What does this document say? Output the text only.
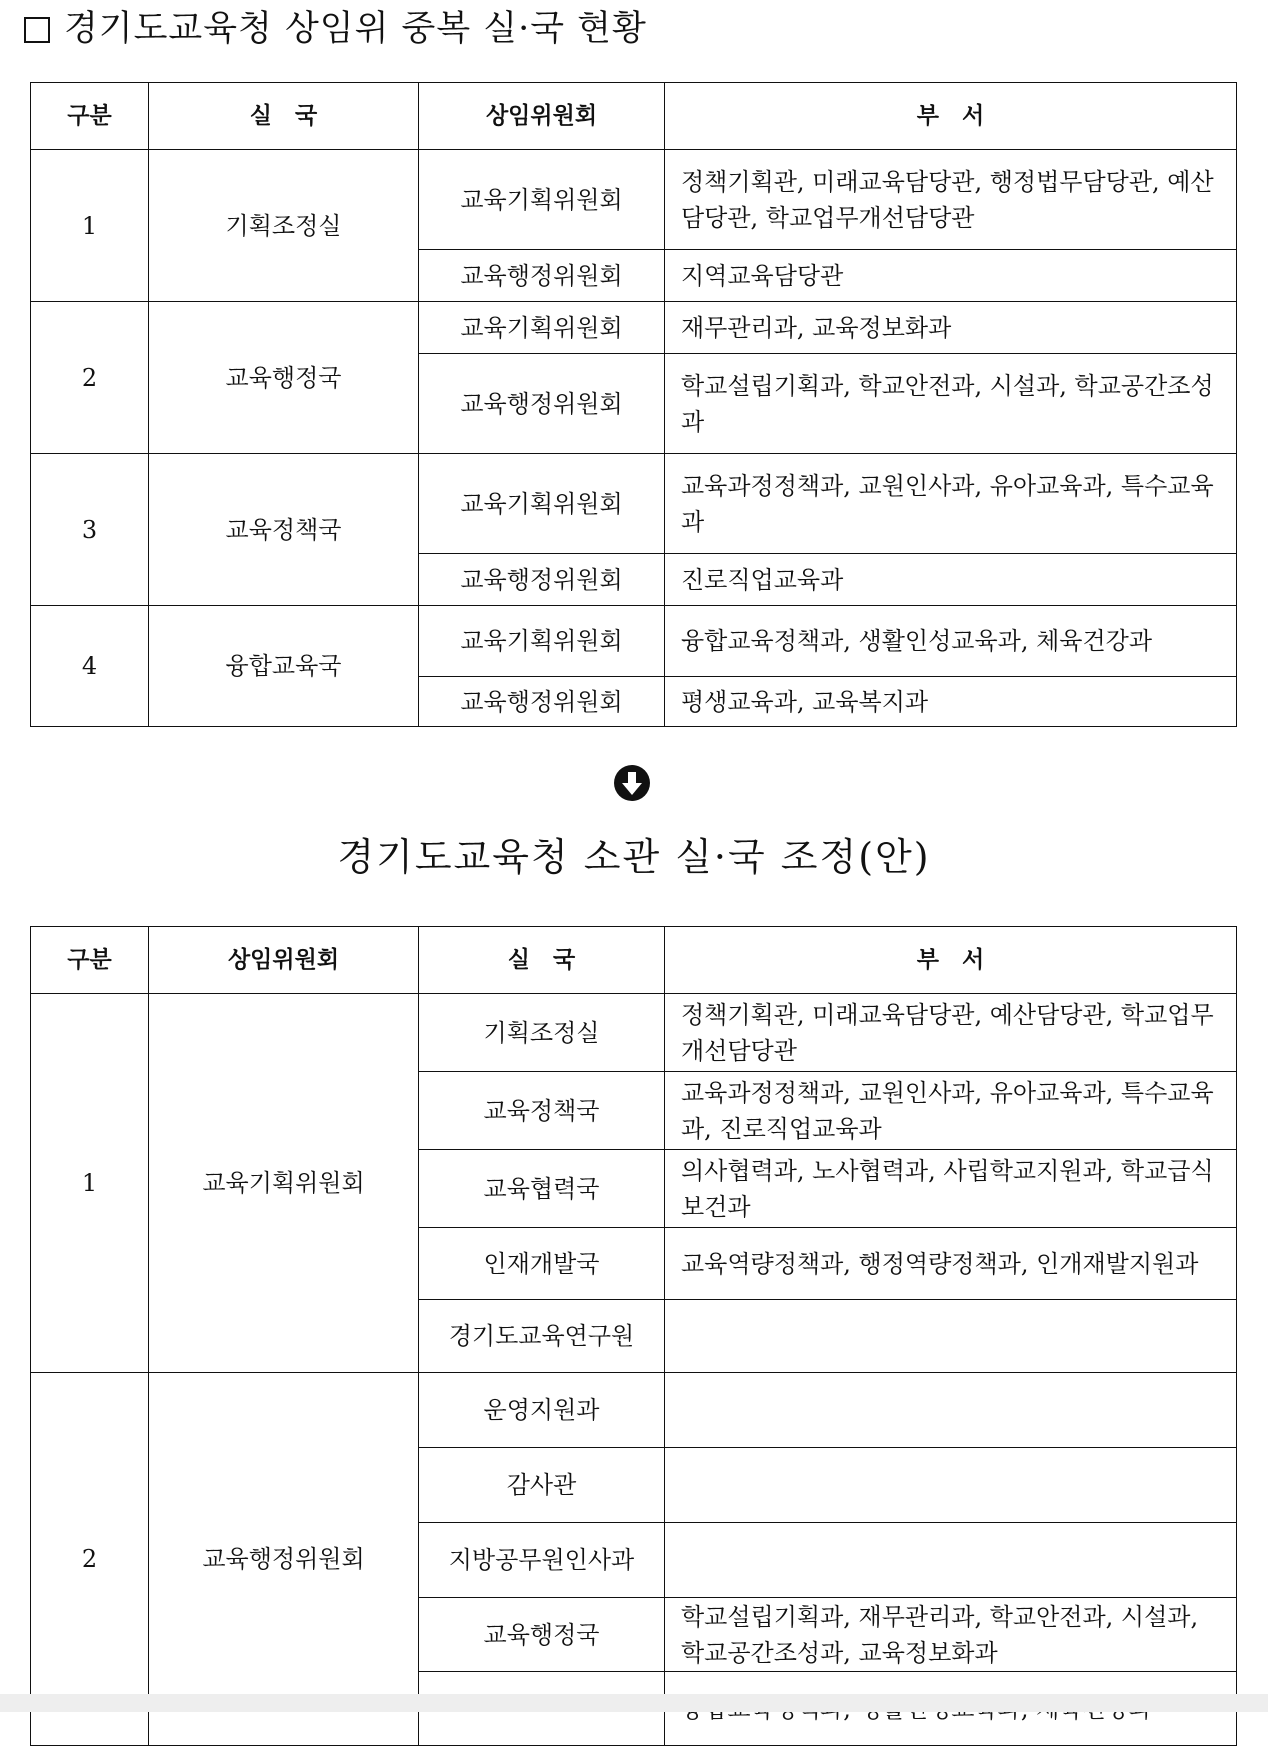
경기도교육청 상임위 중복 실·국 현황
구분	실　국	상임위원회	부　서
1	기획조정실	교육기획위원회	정책기획관, 미래교육담당관, 행정법무담당관, 예산담당관, 학교업무개선담당관
		교육행정위원회	지역교육담당관
2	교육행정국	교육기획위원회	재무관리과, 교육정보화과
		교육행정위원회	학교설립기획과, 학교안전과, 시설과, 학교공간조성과
3	교육정책국	교육기획위원회	교육과정정책과, 교원인사과, 유아교육과, 특수교육과
		교육행정위원회	진로직업교육과
4	융합교육국	교육기획위원회	융합교육정책과, 생활인성교육과, 체육건강과
		교육행정위원회	평생교육과, 교육복지과
경기도교육청 소관 실·국 조정(안)
구분	상임위원회	실　국	부　서
1	교육기획위원회	기획조정실	정책기획관, 미래교육담당관, 예산담당관, 학교업무개선담당관
		교육정책국	교육과정정책과, 교원인사과, 유아교육과, 특수교육과, 진로직업교육과
		교육협력국	의사협력과, 노사협력과, 사립학교지원과, 학교급식보건과
		인재개발국	교육역량정책과, 행정역량정책과, 인개재발지원과
		경기도교육연구원	
2	교육행정위원회	운영지원과	
		감사관	
		지방공무원인사과	
		교육행정국	학교설립기획과, 재무관리과, 학교안전과, 시설과, 학교공간조성과, 교육정보화과
